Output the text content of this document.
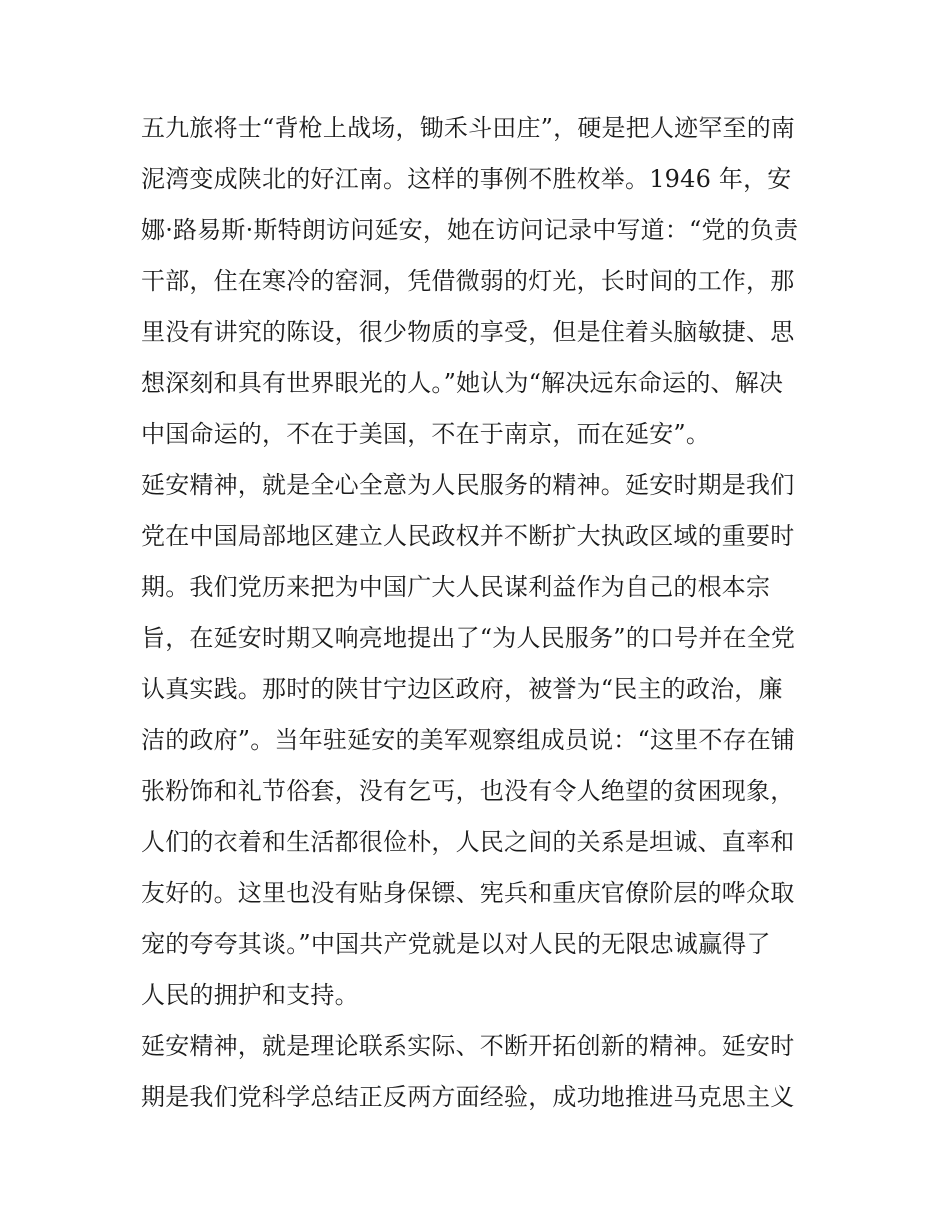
五九旅将士“背枪上战场，锄禾斗田庄”，硬是把人迹罕至的南
泥湾变成陕北的好江南。这样的事例不胜枚举。1946 年，安
娜·路易斯·斯特朗访问延安，她在访问记录中写道：“党的负责
干部，住在寒冷的窑洞，凭借微弱的灯光，长时间的工作，那
里没有讲究的陈设，很少物质的享受，但是住着头脑敏捷、思
想深刻和具有世界眼光的人。”她认为“解决远东命运的、解决
中国命运的，不在于美国，不在于南京，而在延安”。

延安精神，就是全心全意为人民服务的精神。延安时期是我们
党在中国局部地区建立人民政权并不断扩大执政区域的重要时
期。我们党历来把为中国广大人民谋利益作为自己的根本宗
旨，在延安时期又响亮地提出了“为人民服务”的口号并在全党
认真实践。那时的陕甘宁边区政府，被誉为“民主的政治，廉
洁的政府”。当年驻延安的美军观察组成员说：“这里不存在铺
张粉饰和礼节俗套，没有乞丐，也没有令人绝望的贫困现象，
人们的衣着和生活都很俭朴，人民之间的关系是坦诚、直率和
友好的。这里也没有贴身保镖、宪兵和重庆官僚阶层的哗众取
宠的夸夸其谈。”中国共产党就是以对人民的无限忠诚赢得了
人民的拥护和支持。

延安精神，就是理论联系实际、不断开拓创新的精神。延安时
期是我们党科学总结正反两方面经验，成功地推进马克思主义
